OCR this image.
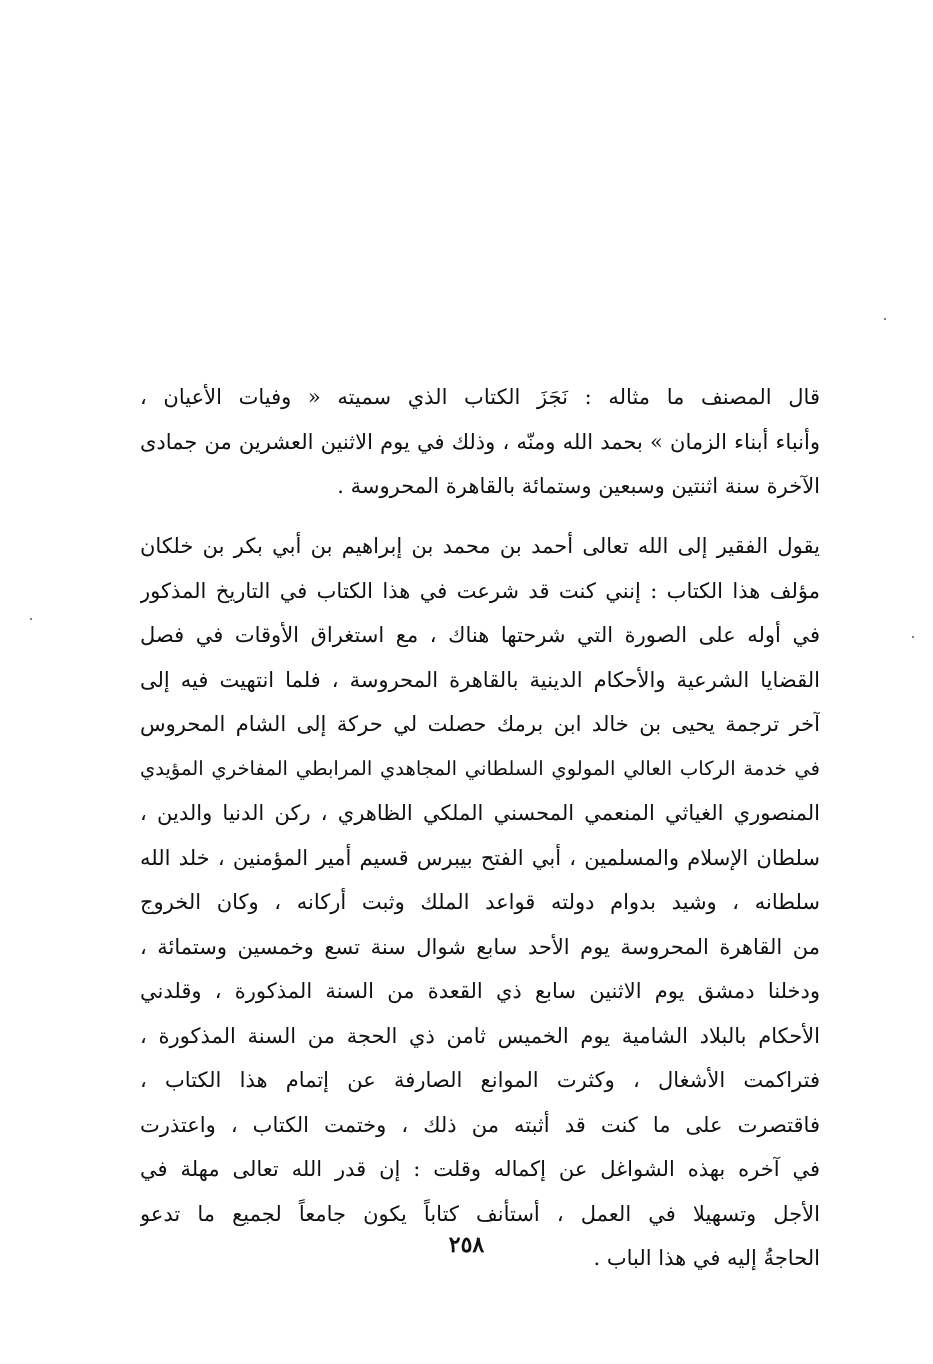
قال المصنف ما مثاله : نَجَزَ الكتاب الذي سميته « وفيات الأعيان ،
وأنباء أبناء الزمان » بحمد الله ومنّه ، وذلك في يوم الاثنين العشرين من جمادى
الآخرة سنة اثنتين وسبعين وستمائة بالقاهرة المحروسة .
يقول الفقير إلى الله تعالى أحمد بن محمد بن إبراهيم بن أبي بكر بن خلكان
مؤلف هذا الكتاب : إنني كنت قد شرعت في هذا الكتاب في التاريخ المذكور
في أوله على الصورة التي شرحتها هناك ، مع استغراق الأوقات في فصل
القضايا الشرعية والأحكام الدينية بالقاهرة المحروسة ، فلما انتهيت فيه إلى
آخر ترجمة يحيى بن خالد ابن برمك حصلت لي حركة إلى الشام المحروس
في خدمة الركاب العالي المولوي السلطاني المجاهدي المرابطي المفاخري المؤيدي
المنصوري الغياثي المنعمي المحسني الملكي الظاهري ، ركن الدنيا والدين ،
سلطان الإسلام والمسلمين ، أبي الفتح بيبرس قسيم أمير المؤمنين ، خلد الله
سلطانه ، وشيد بدوام دولته قواعد الملك وثبت أركانه ، وكان الخروج
من القاهرة المحروسة يوم الأحد سابع شوال سنة تسع وخمسين وستمائة ،
ودخلنا دمشق يوم الاثنين سابع ذي القعدة من السنة المذكورة ، وقلدني
الأحكام بالبلاد الشامية يوم الخميس ثامن ذي الحجة من السنة المذكورة ،
فتراكمت الأشغال ، وكثرت الموانع الصارفة عن إتمام هذا الكتاب ،
فاقتصرت على ما كنت قد أثبته من ذلك ، وختمت الكتاب ، واعتذرت
في آخره بهذه الشواغل عن إكماله وقلت : إن قدر الله تعالى مهلة في
الأجل وتسهيلا في العمل ، أستأنف كتاباً يكون جامعاً لجميع ما تدعو
الحاجةُ إليه في هذا الباب .
٢٥٨
